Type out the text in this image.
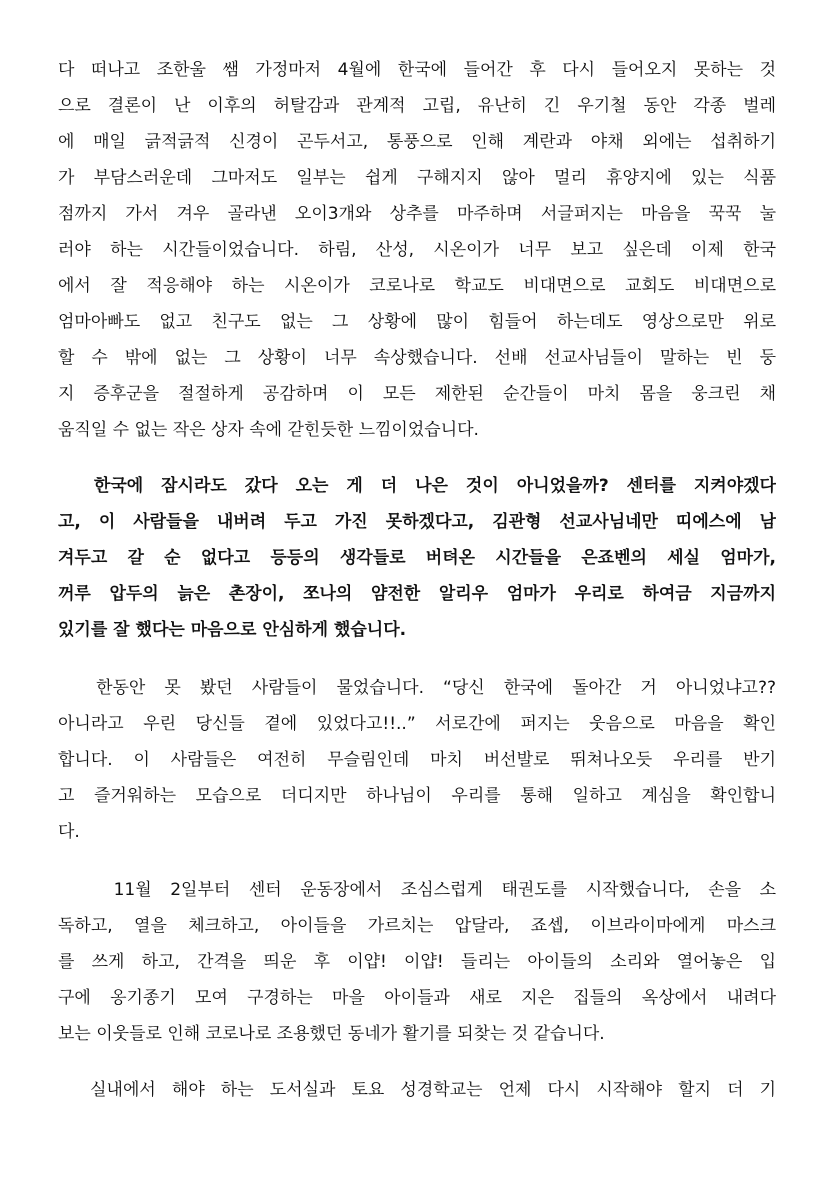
다 떠나고 조한울 쌤 가정마저 4월에 한국에 들어간 후 다시 들어오지 못하는 것
으로 결론이 난 이후의 허탈감과 관계적 고립, 유난히 긴 우기철 동안 각종 벌레
에 매일 긁적긁적 신경이 곤두서고, 통풍으로 인해 계란과 야채 외에는 섭취하기
가 부담스러운데 그마저도 일부는 쉽게 구해지지 않아 멀리 휴양지에 있는 식품
점까지 가서 겨우 골라낸 오이3개와 상추를 마주하며 서글퍼지는 마음을 꾹꾹 눌
러야 하는 시간들이었습니다. 하림, 산성, 시온이가 너무 보고 싶은데 이제 한국
에서 잘 적응해야 하는 시온이가 코로나로 학교도 비대면으로 교회도 비대면으로
엄마아빠도 없고 친구도 없는 그 상황에 많이 힘들어 하는데도 영상으로만 위로
할 수 밖에 없는 그 상황이 너무 속상했습니다. 선배 선교사님들이 말하는 빈 둥
지 증후군을 절절하게 공감하며 이 모든 제한된 순간들이 마치 몸을 웅크린 채
움직일 수 없는 작은 상자 속에 갇힌듯한 느낌이었습니다.
한국에 잠시라도 갔다 오는 게 더 나은 것이 아니었을까? 센터를 지켜야겠다
고, 이 사람들을 내버려 두고 가진 못하겠다고, 김관형 선교사님네만 띠에스에 남
겨두고 갈 순 없다고 등등의 생각들로 버텨온 시간들을 은죠벤의 세실 엄마가,
꺼루 압두의 늙은 촌장이, 쪼나의 얌전한 알리우 엄마가 우리로 하여금 지금까지
있기를 잘 했다는 마음으로 안심하게 했습니다.
한동안 못 봤던 사람들이 물었습니다. “당신 한국에 돌아간 거 아니었냐고??
아니라고 우린 당신들 곁에 있었다고!!..” 서로간에 퍼지는 웃음으로 마음을 확인
합니다. 이 사람들은 여전히 무슬림인데 마치 버선발로 뛰쳐나오듯 우리를 반기
고 즐거워하는 모습으로 더디지만 하나님이 우리를 통해 일하고 계심을 확인합니
다.
11월 2일부터 센터 운동장에서 조심스럽게 태권도를 시작했습니다, 손을 소
독하고, 열을 체크하고, 아이들을 가르치는 압달라, 죠셉, 이브라이마에게 마스크
를 쓰게 하고, 간격을 띄운 후 이얍! 이얍! 들리는 아이들의 소리와 열어놓은 입
구에 옹기종기 모여 구경하는 마을 아이들과 새로 지은 집들의 옥상에서 내려다
보는 이웃들로 인해 코로나로 조용했던 동네가 활기를 되찾는 것 같습니다.
실내에서 해야 하는 도서실과 토요 성경학교는 언제 다시 시작해야 할지 더 기
